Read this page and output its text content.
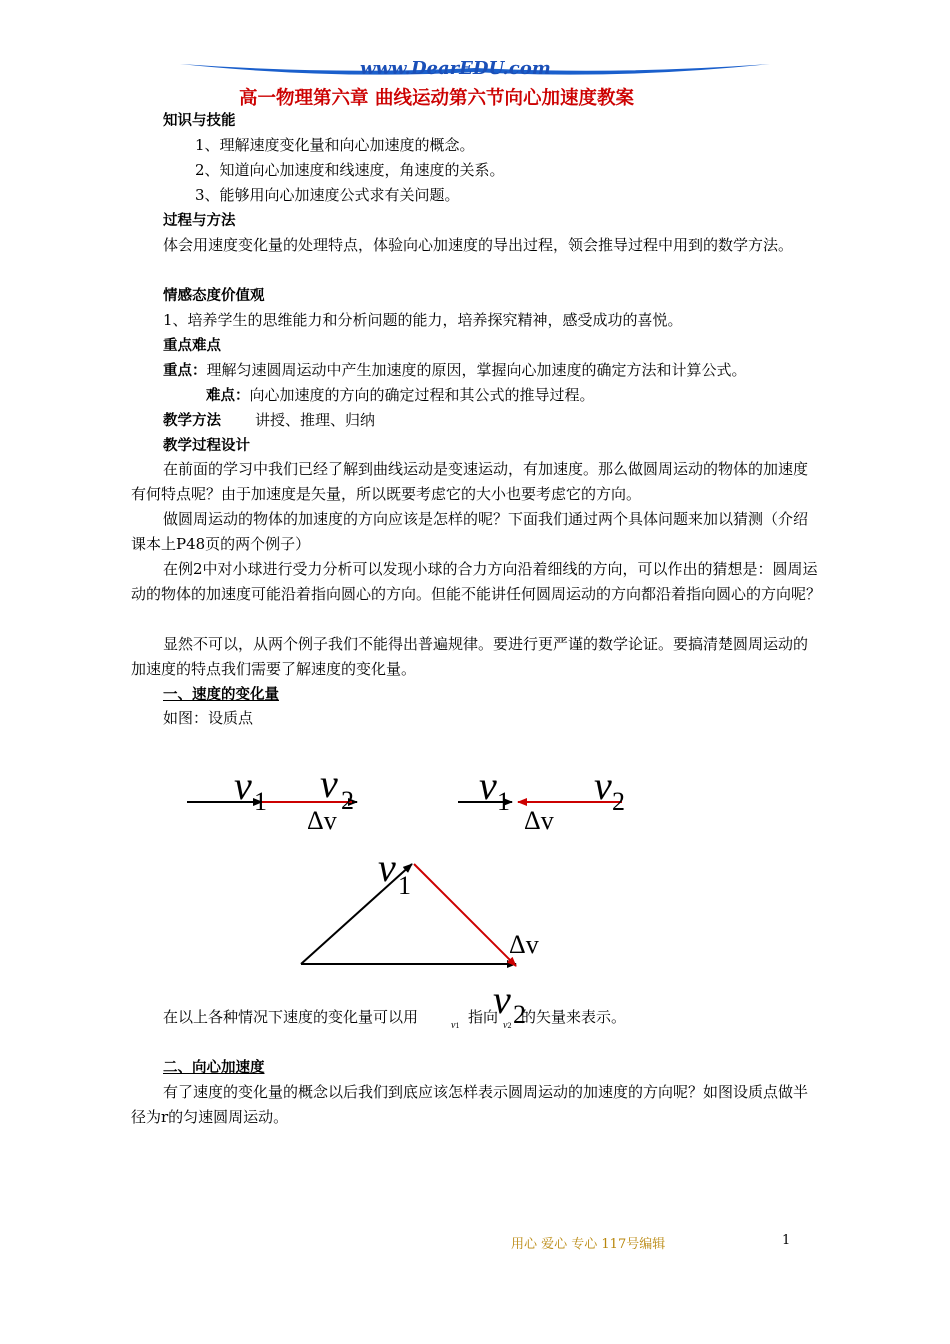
www.DearEDU.com
高一物理第六章 曲线运动第六节向心加速度教案
知识与技能
1、理解速度变化量和向心加速度的概念。
2、知道向心加速度和线速度，角速度的关系。
3、能够用向心加速度公式求有关问题。
过程与方法
体会用速度变化量的处理特点，体验向心加速度的导出过程，领会推导过程中用到的数学方法。
情感态度价值观
1、培养学生的思维能力和分析问题的能力，培养探究精神，感受成功的喜悦。
重点难点
重点：理解匀速圆周运动中产生加速度的原因，掌握向心加速度的确定方法和计算公式。
难点：向心加速度的方向的确定过程和其公式的推导过程。
教学方法 讲授、推理、归纳
教学过程设计
在前面的学习中我们已经了解到曲线运动是变速运动，有加速度。那么做圆周运动的物体的加速度有何特点呢？由于加速度是矢量，所以既要考虑它的大小也要考虑它的方向。
做圆周运动的物体的加速度的方向应该是怎样的呢？下面我们通过两个具体问题来加以猜测（介绍课本上P48页的两个例子）
在例2中对小球进行受力分析可以发现小球的合力方向沿着细线的方向，可以作出的猜想是：圆周运动的物体的加速度可能沿着指向圆心的方向。但能不能讲任何圆周运动的方向都沿着指向圆心的方向呢？
显然不可以，从两个例子我们不能得出普遍规律。要进行更严谨的数学论证。要搞清楚圆周运动的加速度的特点我们需要了解速度的变化量。
一、速度的变化量
如图：设质点
v 1 v 2
Δv
v 1 v 2
Δv
v 1
Δv
v 2
在以上各种情况下速度的变化量可以用	v1 指向 v2 的矢量来表示。
二、向心加速度
有了速度的变化量的概念以后我们到底应该怎样表示圆周运动的加速度的方向呢？如图设质点做半径为r的匀速圆周运动。
用心 爱心 专心 117号编辑	1
